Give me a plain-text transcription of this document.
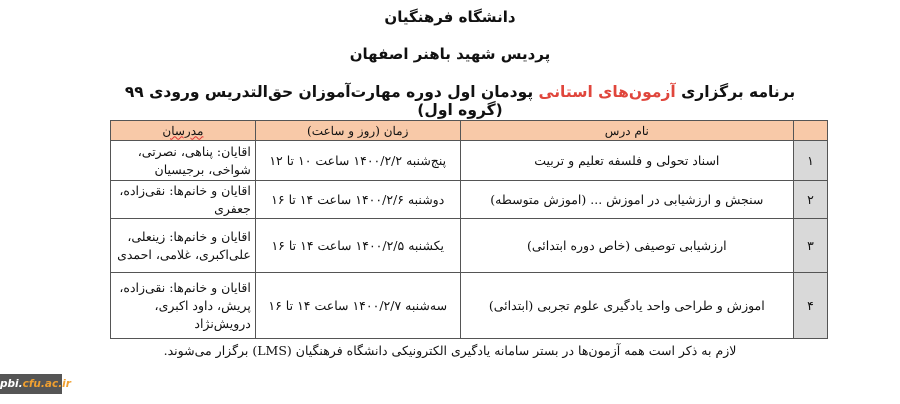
دانشگاه فرهنگیان
پردیس شهید باهنر اصفهان
برنامه برگزاری آزمون‌های استانی پودمان اول دوره مهارت‌آموزان حق‌التدریس ورودی ۹۹ (گروه اول)
	نام درس	زمان (روز و ساعت)	مدرسان
۱	اسناد تحولی و فلسفه تعلیم و تربیت	پنج‌شنبه ۱۴۰۰/۲/۲ ساعت ۱۰ تا ۱۲	اقایان: پناهی، نصرتی، شواخی، برجیسیان
۲	سنجش و ارزشیابی در اموزش ... (اموزش متوسطه)	دوشنبه ۱۴۰۰/۲/۶ ساعت ۱۴ تا ۱۶	اقایان و خانم‌ها: نقی‌زاده، جعفری
۳	ارزشیابی توصیفی (خاص دوره ابتدائی)	یکشنبه ۱۴۰۰/۲/۵ ساعت ۱۴ تا ۱۶	اقایان و خانم‌ها: زینعلی، علی‌اکبری، غلامی، احمدی
۴	اموزش و طراحی واحد یادگیری علوم تجربی (ابتدائی)	سه‌شنبه ۱۴۰۰/۲/۷ ساعت ۱۴ تا ۱۶	اقایان و خانم‌ها: نقی‌زاده، پریش، داود اکبری، درویش‌نژاد
لازم به ذکر است همه آزمون‌ها در بستر سامانه یادگیری الکترونیکی دانشگاه فرهنگیان (LMS) برگزار می‌شوند.
pbi.cfu.ac.ir
